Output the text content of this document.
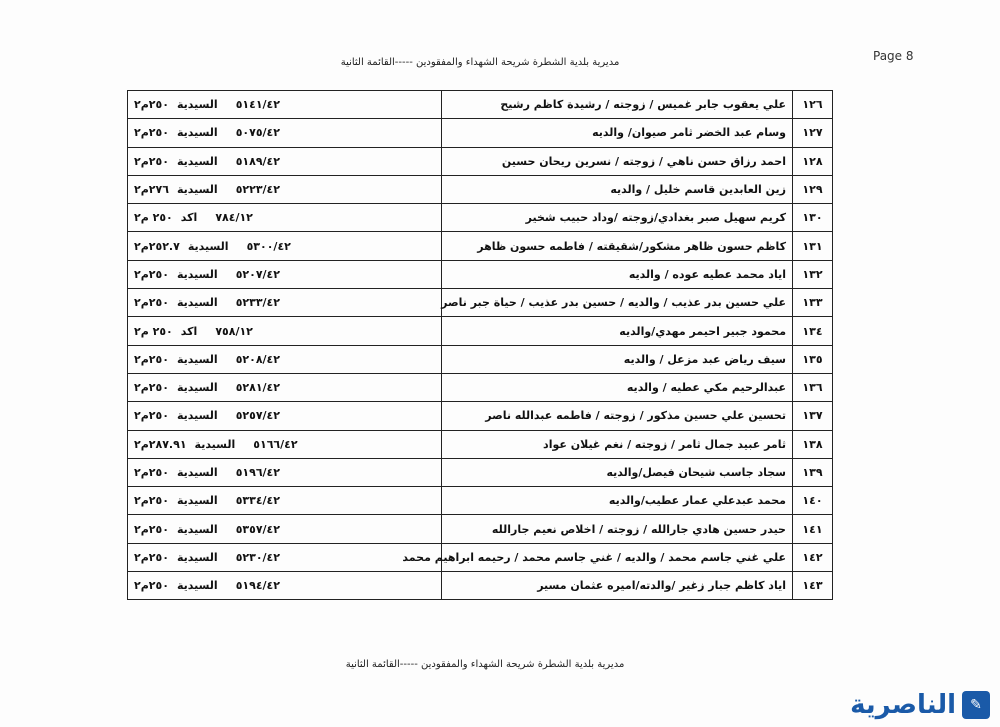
Page 8
مديرية بلدية الشطرة شريحة الشهداء والمفقودين -----القائمة الثانية
١٢٦	علي يعقوب جابر غميس / زوجته / رشيدة كاظم رشيح	٥١٤١/٤٢السيدية٢٥٠م٢
١٢٧	وسام عبد الخضر ثامر صيوان/ والديه	٥٠٧٥/٤٢السيدية٢٥٠م٢
١٢٨	احمد رزاق حسن ناهي / زوجته / نسرين ريحان حسين	٥١٨٩/٤٢السيدية٢٥٠م٢
١٢٩	زين العابدين قاسم خليل / والديه	٥٢٢٣/٤٢السيدية٢٧٦م٢
١٣٠	كريم سهيل صبر بغدادي/زوجته /وداد حبيب شخير	٧٨٤/١٢اكد٢٥٠ م٢
١٣١	كاظم حسون ظاهر مشكور/شقيقته / فاطمه حسون ظاهر	٥٣٠٠/٤٢السيدية٢٥٢.٧م٢
١٣٢	اياد محمد عطيه عوده / والديه	٥٢٠٧/٤٢السيدية٢٥٠م٢
١٣٣	علي حسين بدر عذيب / والديه / حسين بدر عذيب / حياة جبر ناصر	٥٢٣٣/٤٢السيدية٢٥٠م٢
١٣٤	محمود جبير احيمر مهدي/والديه	٧٥٨/١٢اكد٢٥٠ م٢
١٣٥	سيف رياض عبد مزعل / والديه	٥٢٠٨/٤٢السيدية٢٥٠م٢
١٣٦	عبدالرحيم مكي عطيه / والديه	٥٢٨١/٤٢السيدية٢٥٠م٢
١٣٧	تحسين علي حسين مذكور / زوجته / فاطمه عبدالله ناصر	٥٢٥٧/٤٢السيدية٢٥٠م٢
١٣٨	ثامر عبيد جمال ثامر / زوجته / نغم غيلان عواد	٥١٦٦/٤٢السيدية٢٨٧.٩١م٢
١٣٩	سجاد جاسب شيحان فيصل/والديه	٥١٩٦/٤٢السيدية٢٥٠م٢
١٤٠	محمد عبدعلي عمار عطيب/والديه	٥٣٣٤/٤٢السيدية٢٥٠م٢
١٤١	حيدر حسين هادي جارالله / زوجته / اخلاص نعيم جارالله	٥٣٥٧/٤٢السيدية٢٥٠م٢
١٤٢	علي غني جاسم محمد / والديه / غني جاسم محمد / رحيمه ابراهيم محمد	٥٢٣٠/٤٢السيدية٢٥٠م٢
١٤٣	اياد كاظم جبار زغير /والدته/اميره عثمان مسير	٥١٩٤/٤٢السيدية٢٥٠م٢
مديرية بلدية الشطرة شريحة الشهداء والمفقودين -----القائمة الثانية
الناصرية	✎
